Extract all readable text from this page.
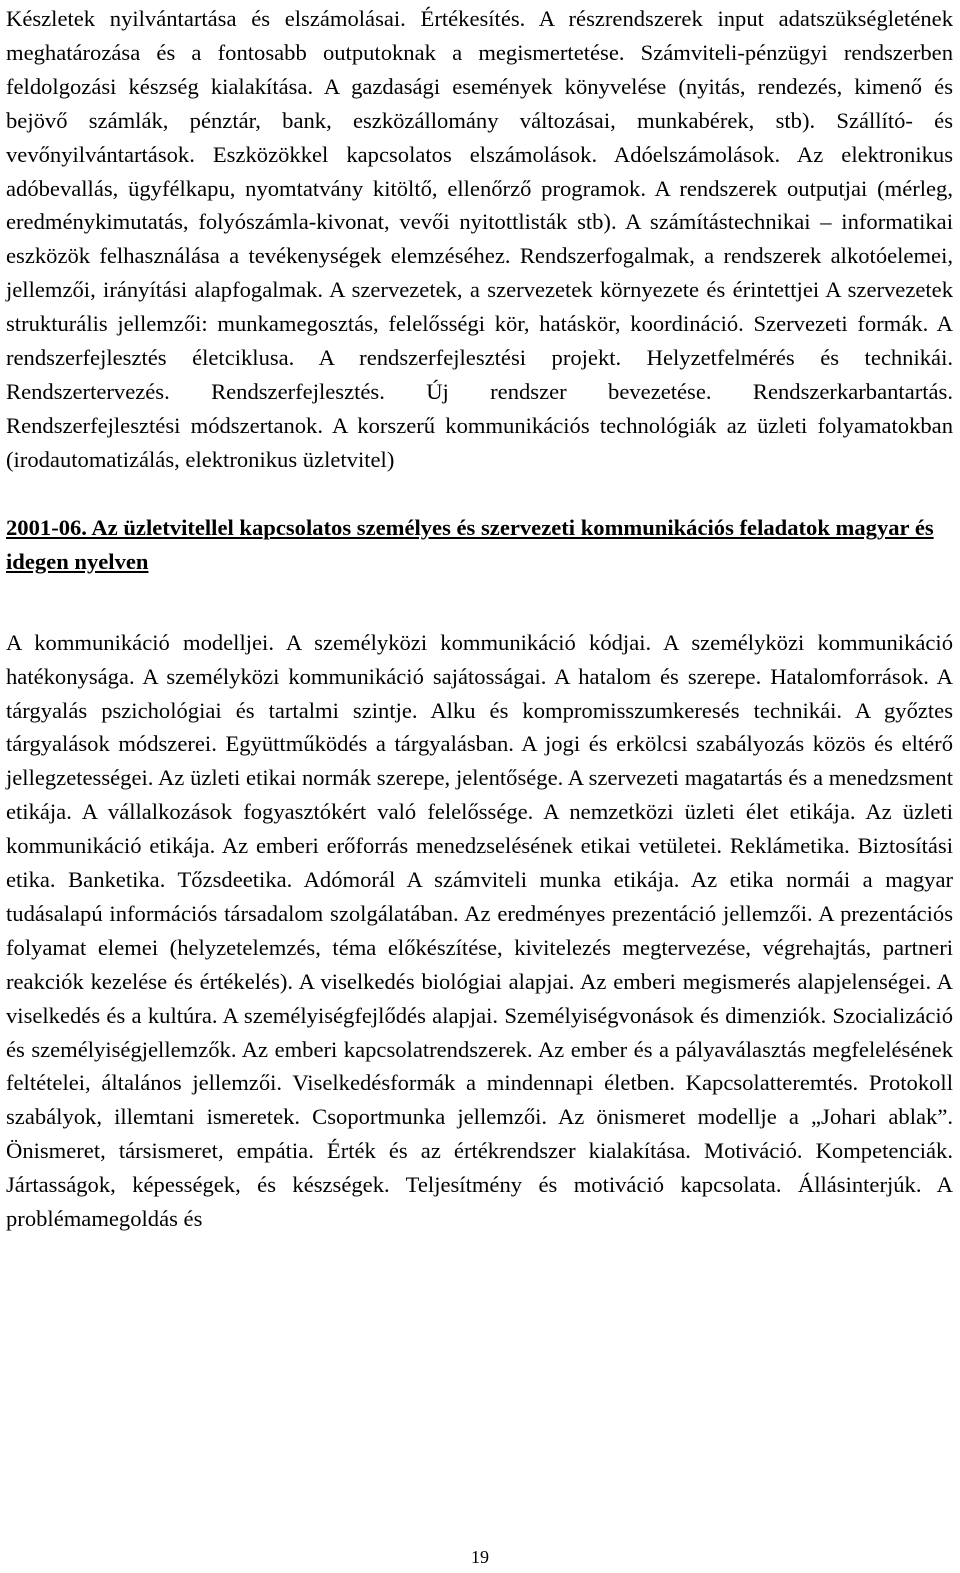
Készletek nyilvántartása és elszámolásai. Értékesítés. A részrendszerek input adatszükségletének meghatározása és a fontosabb outputoknak a megismertetése. Számviteli-pénzügyi rendszerben feldolgozási készség kialakítása. A gazdasági események könyvelése (nyitás, rendezés, kimenő és bejövő számlák, pénztár, bank, eszközállomány változásai, munkabérek, stb). Szállító- és vevőnyilvántartások. Eszközökkel kapcsolatos elszámolások. Adóelszámolások. Az elektronikus adóbevallás, ügyfélkapu, nyomtatvány kitöltő, ellenőrző programok. A rendszerek outputjai (mérleg, eredménykimutatás, folyószámla-kivonat, vevői nyitottlisták stb). A számítástechnikai – informatikai eszközök felhasználása a tevékenységek elemzéséhez. Rendszerfogalmak, a rendszerek alkotóelemei, jellemzői, irányítási alapfogalmak. A szervezetek, a szervezetek környezete és érintettjei A szervezetek strukturális jellemzői: munkamegosztás, felelősségi kör, hatáskör, koordináció. Szervezeti formák. A rendszerfejlesztés életciklusa. A rendszerfejlesztési projekt. Helyzetfelmérés és technikái. Rendszertervezés. Rendszerfejlesztés. Új rendszer bevezetése. Rendszerkarbantartás. Rendszerfejlesztési módszertanok. A korszerű kommunikációs technológiák az üzleti folyamatokban (irodautomatizálás, elektronikus üzletvitel)

2001-06. Az üzletvitellel kapcsolatos személyes és szervezeti kommunikációs feladatok magyar és idegen nyelven

A kommunikáció modelljei. A személyközi kommunikáció kódjai. A személyközi kommunikáció hatékonysága. A személyközi kommunikáció sajátosságai. A hatalom és szerepe. Hatalomforrások. A tárgyalás pszichológiai és tartalmi szintje. Alku és kompromisszumkeresés technikái. A győztes tárgyalások módszerei. Együttműködés a tárgyalásban. A jogi és erkölcsi szabályozás közös és eltérő jellegzetességei. Az üzleti etikai normák szerepe, jelentősége. A szervezeti magatartás és a menedzsment etikája. A vállalkozások fogyasztókért való felelőssége. A nemzetközi üzleti élet etikája. Az üzleti kommunikáció etikája. Az emberi erőforrás menedzselésének etikai vetületei. Reklámetika. Biztosítási etika. Banketika. Tőzsdeetika. Adómorál A számviteli munka etikája. Az etika normái a magyar tudásalapú információs társadalom szolgálatában. Az eredményes prezentáció jellemzői. A prezentációs folyamat elemei (helyzetelemzés, téma előkészítése, kivitelezés megtervezése, végrehajtás, partneri reakciók kezelése és értékelés). A viselkedés biológiai alapjai. Az emberi megismerés alapjelenségei. A viselkedés és a kultúra. A személyiségfejlődés alapjai. Személyiségvonások és dimenziók. Szocializáció és személyiségjellemzők. Az emberi kapcsolatrendszerek. Az ember és a pályaválasztás megfelelésének feltételei, általános jellemzői. Viselkedésformák a mindennapi életben. Kapcsolatteremtés. Protokoll szabályok, illemtani ismeretek. Csoportmunka jellemzői. Az önismeret modellje a „Johari ablak”. Önismeret, társismeret, empátia. Érték és az értékrendszer kialakítása. Motiváció. Kompetenciák. Jártasságok, képességek, és készségek. Teljesítmény és motiváció kapcsolata. Állásinterjúk. A problémamegoldás és

19
